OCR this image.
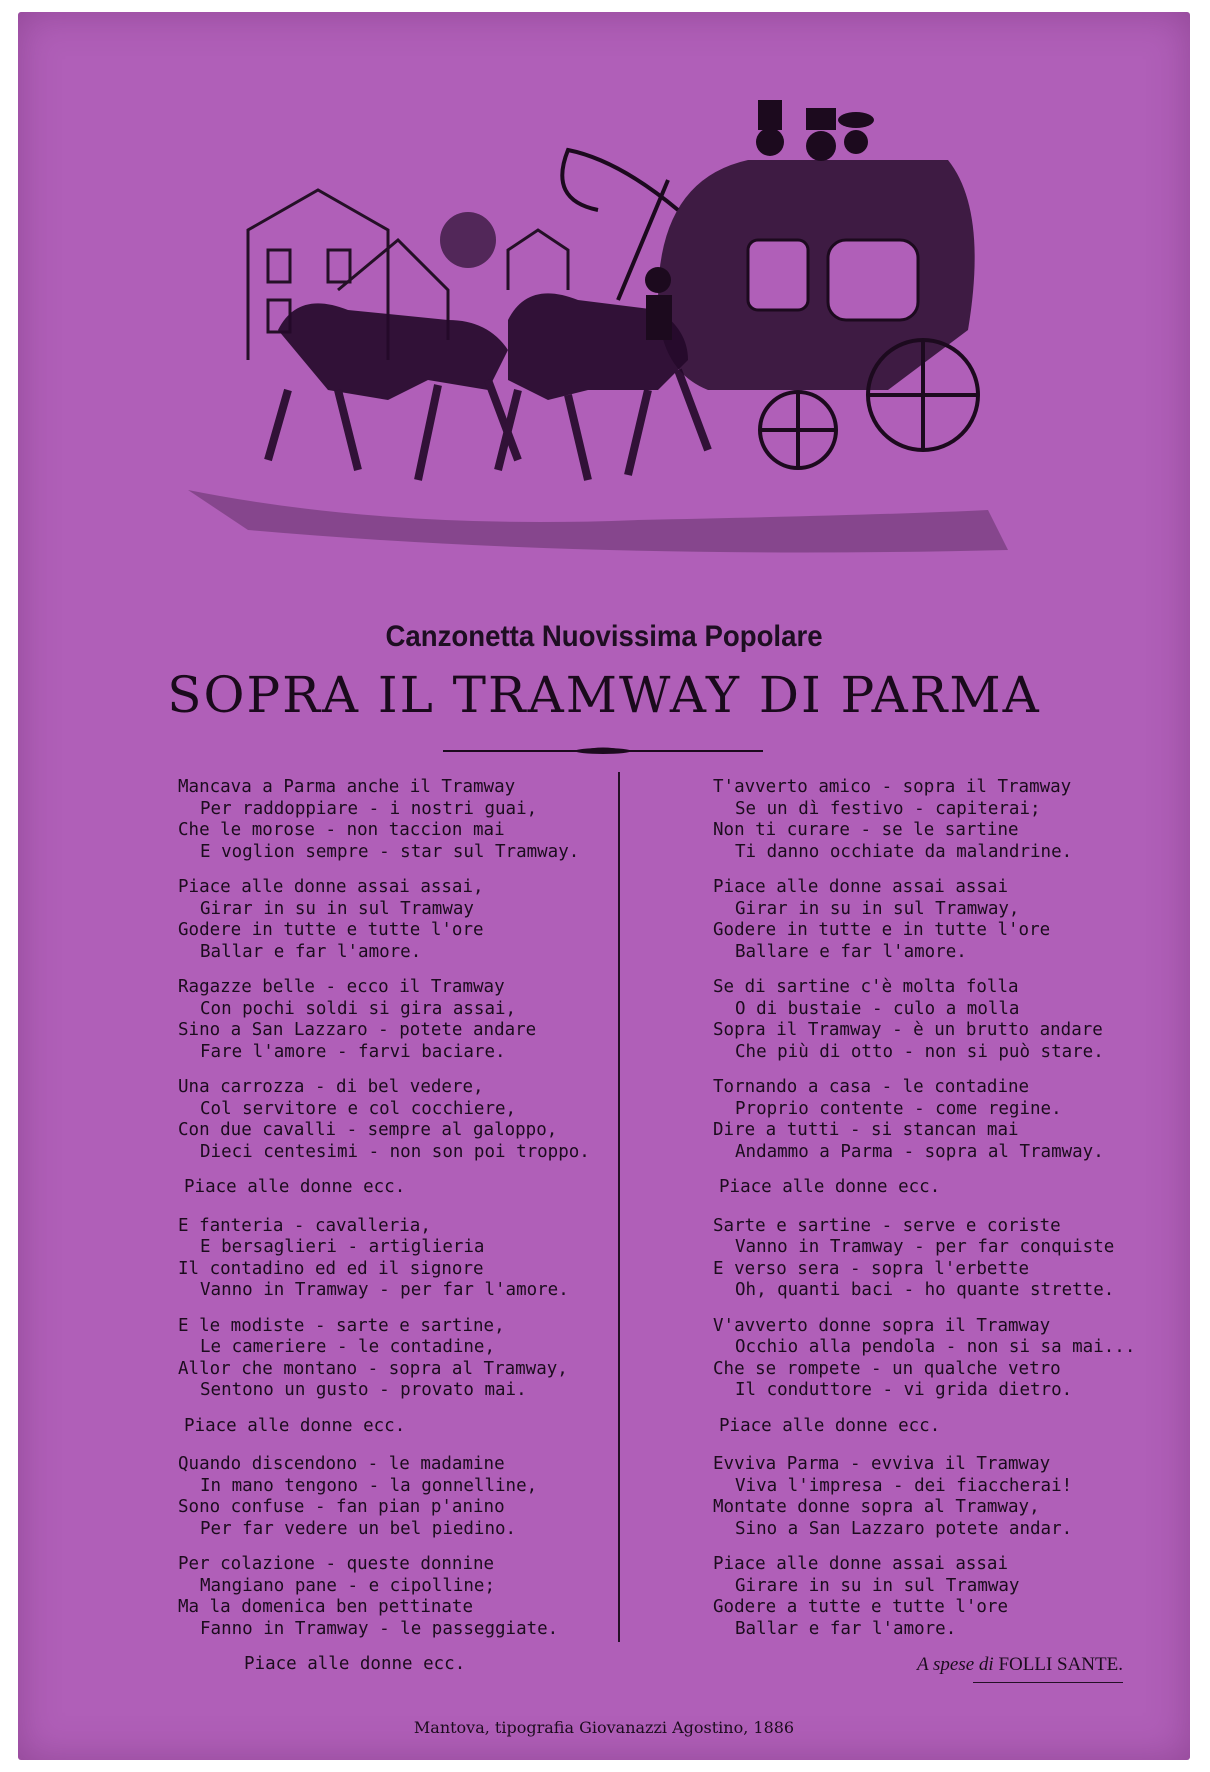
Canzonetta Nuovissima Popolare
SOPRA IL TRAMWAY DI PARMA
Mancava a Parma anche il Tramway
Per raddoppiare - i nostri guai,
Che le morose - non taccion mai
E voglion sempre - star sul Tramway.
Piace alle donne assai assai,
Girar in su in sul Tramway
Godere in tutte e tutte l'ore
Ballar e far l'amore.
Ragazze belle - ecco il Tramway
Con pochi soldi si gira assai,
Sino a San Lazzaro - potete andare
Fare l'amore - farvi baciare.
Una carrozza - di bel vedere,
Col servitore e col cocchiere,
Con due cavalli - sempre al galoppo,
Dieci centesimi - non son poi troppo.
Piace alle donne ecc.
E fanteria - cavalleria,
E bersaglieri - artiglieria
Il contadino ed ed il signore
Vanno in Tramway - per far l'amore.
E le modiste - sarte e sartine,
Le cameriere - le contadine,
Allor che montano - sopra al Tramway,
Sentono un gusto - provato mai.
Piace alle donne ecc.
Quando discendono - le madamine
In mano tengono - la gonnelline,
Sono confuse - fan pian p'anino
Per far vedere un bel piedino.
Per colazione - queste donnine
Mangiano pane - e cipolline;
Ma la domenica ben pettinate
Fanno in Tramway - le passeggiate.
Piace alle donne ecc.
T'avverto amico - sopra il Tramway
Se un dì festivo - capiterai;
Non ti curare - se le sartine
Ti danno occhiate da malandrine.
Piace alle donne assai assai
Girar in su in sul Tramway,
Godere in tutte e in tutte l'ore
Ballare e far l'amore.
Se di sartine c'è molta folla
O di bustaie - culo a molla
Sopra il Tramway - è un brutto andare
Che più di otto - non si può stare.
Tornando a casa - le contadine
Proprio contente - come regine.
Dire a tutti - si stancan mai
Andammo a Parma - sopra al Tramway.
Piace alle donne ecc.
Sarte e sartine - serve e coriste
Vanno in Tramway - per far conquiste
E verso sera - sopra l'erbette
Oh, quanti baci - ho quante strette.
V'avverto donne sopra il Tramway
Occhio alla pendola - non si sa mai...
Che se rompete - un qualche vetro
Il conduttore - vi grida dietro.
Piace alle donne ecc.
Evviva Parma - evviva il Tramway
Viva l'impresa - dei fiaccherai!
Montate donne sopra al Tramway,
Sino a San Lazzaro potete andar.
Piace alle donne assai assai
Girare in su in sul Tramway
Godere a tutte e tutte l'ore
Ballar e far l'amore.
A spese di FOLLI SANTE.
Mantova, tipografia Giovanazzi Agostino, 1886
